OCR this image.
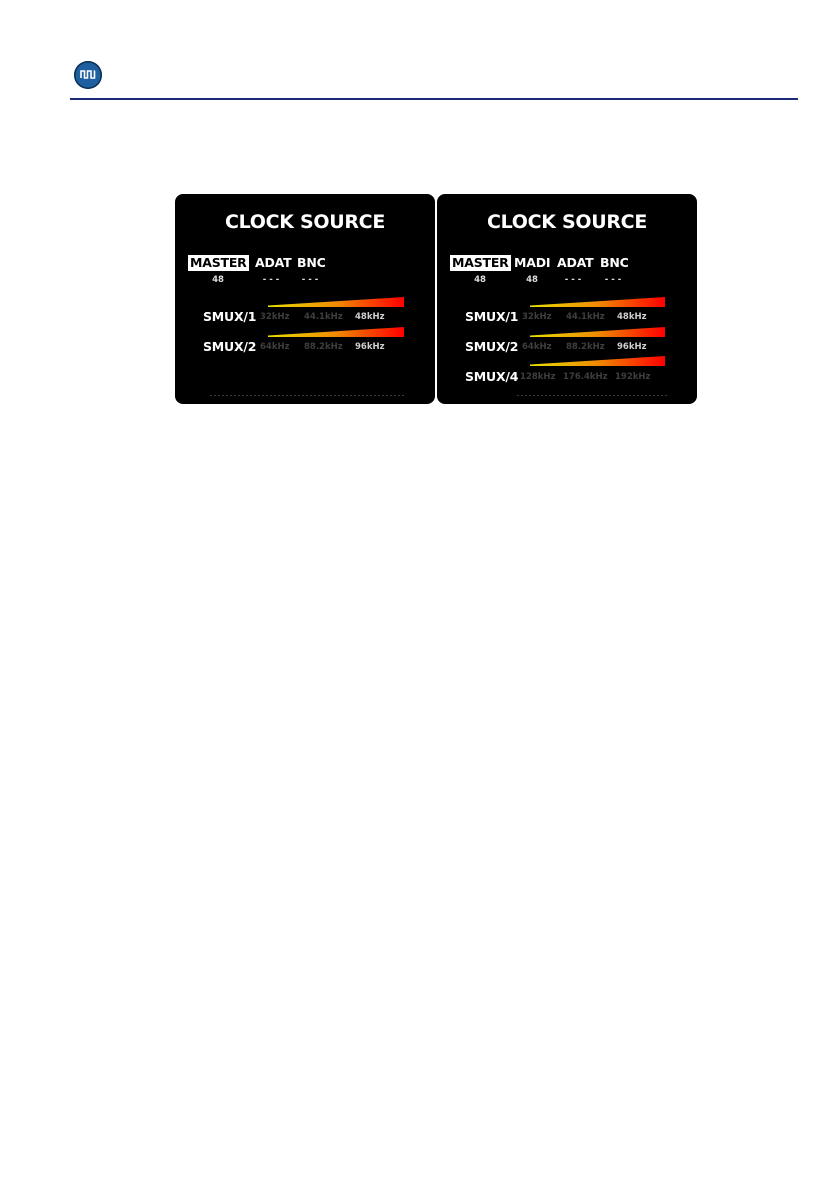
CLOCK SOURCE
MASTER
48
ADAT
- - -
BNC
- - -
SMUX/1 32kHz 44.1kHz 48kHz
SMUX/2 64kHz 88.2kHz 96kHz
CLOCK SOURCE
MASTER
48
MADI
48
ADAT
- - -
BNC
- - -
SMUX/1 32kHz 44.1kHz 48kHz
SMUX/2 64kHz 88.2kHz 96kHz
SMUX/4 128kHz 176.4kHz 192kHz
